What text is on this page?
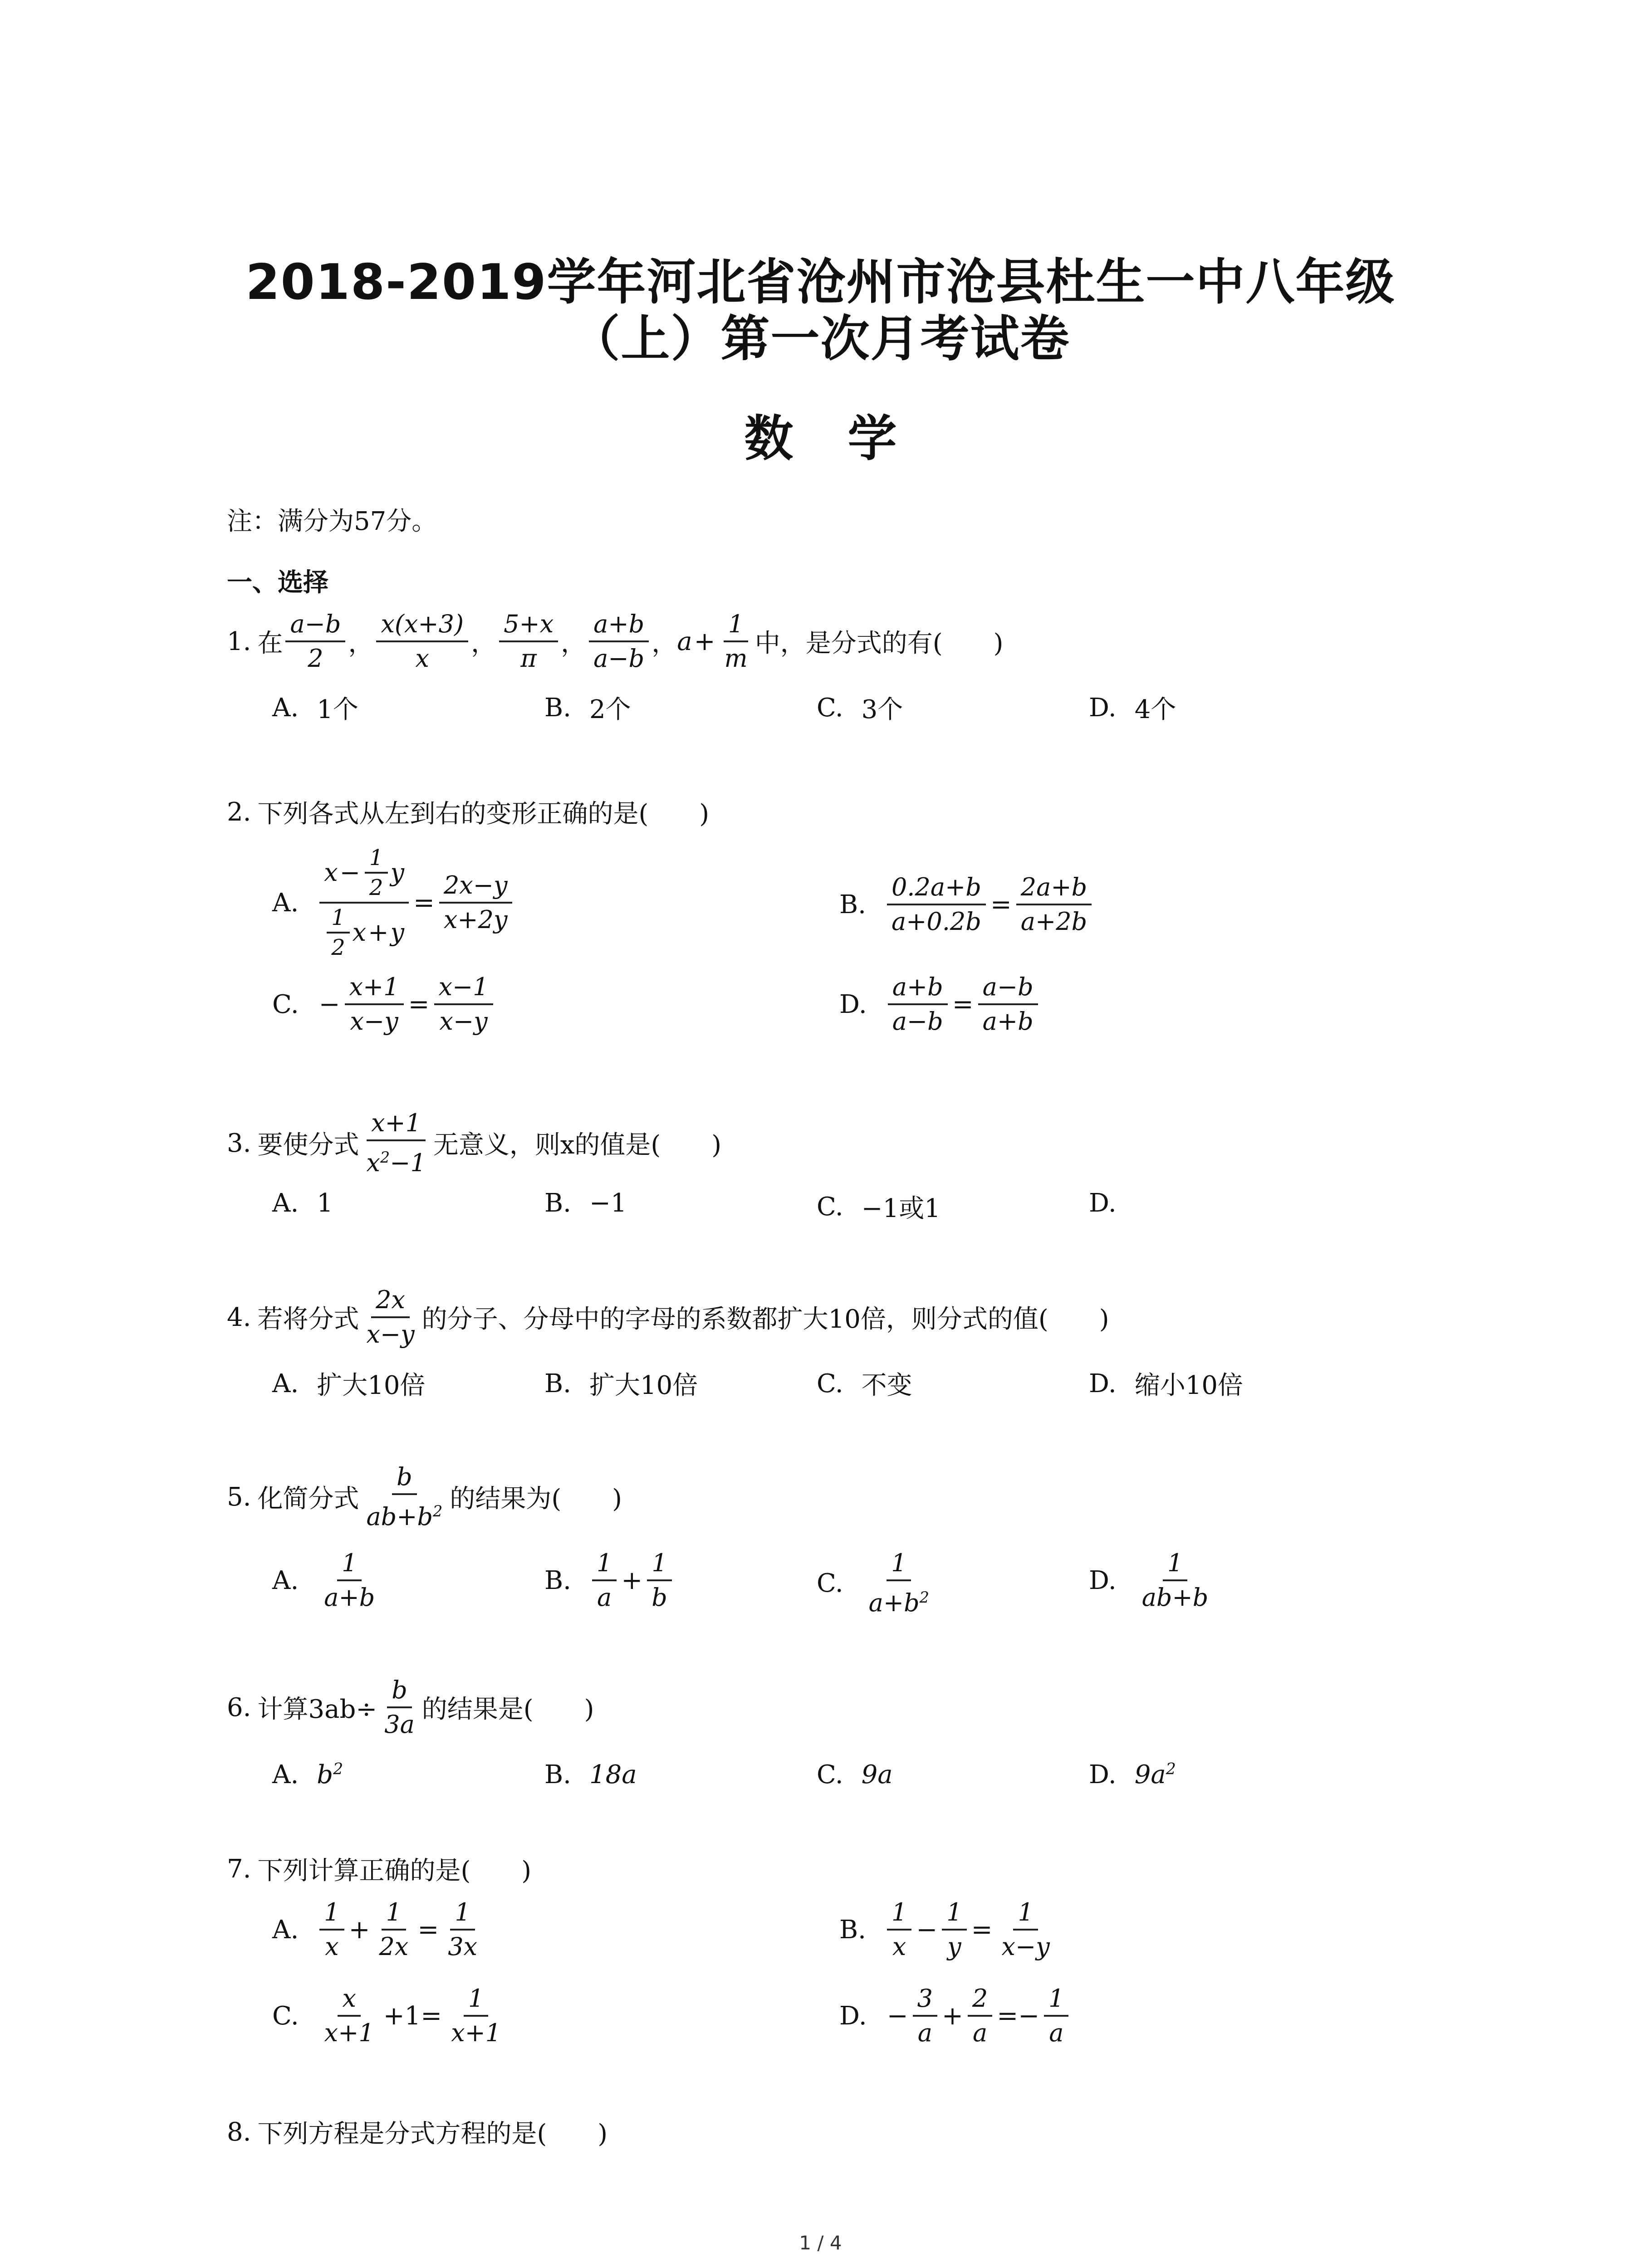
2018-2019学年河北省沧州市沧县杜生一中八年级
（上）第一次月考试卷
数学
注：满分为57分。
一、选择
1. 在 $\frac{a-b}{2}$ ， $\frac{x(x+3)}{x}$ ， $\frac{5+x}{\pi}$ ， $\frac{a+b}{a-b}$ ， $a + \frac{1}{m}$ 中，是分式的有(　　)
A. 1个	B. 2个	C. 3个	D. 4个
2. 下列各式从左到右的变形正确的是(　　)
A. $\frac{x - \frac{1}{2} y}{\frac{1}{2} x + y} = \frac{2x-y}{x+2y}$	B. $\frac{0.2a+b}{a+0.2b} = \frac{2a+b}{a+2b}$
C. − $\frac{x+1}{x-y} = \frac{x-1}{x-y}$	D. $\frac{a+b}{a-b} = \frac{a-b}{a+b}$
3. 要使分式 $\frac{x+1}{x^2-1}$ 无意义，则x的值是(　　)
A. 1	B. −1	C. −1或1	D.
4. 若将分式 $\frac{2x}{x-y}$ 的分子、分母中的字母的系数都扩大10倍，则分式的值(　　)
A. 扩大10倍	B. 扩大10倍	C. 不变	D. 缩小10倍
5. 化简分式 $\frac{b}{ab+b^2}$ 的结果为(　　)
A. $\frac{1}{a+b}$	B. $\frac{1}{a} + \frac{1}{b}$	C. $\frac{1}{a+b^2}$	D. $\frac{1}{ab+b}$
6. 计算$3ab\div \frac{b}{3a}$ 的结果是(　　)
A. $b^2$	B. 18a	C. 9a	D. $9a^2$
7. 下列计算正确的是(　　)
A. $\frac{1}{x} + \frac{1}{2x} = \frac{1}{3x}$	B. $\frac{1}{x} - \frac{1}{y} = \frac{1}{x-y}$
C. $\frac{x}{x+1} +1= \frac{1}{x+1}$	D. − $\frac{3}{a} + \frac{2}{a} =- \frac{1}{a}$
8. 下列方程是分式方程的是(　　)
1 / 4
